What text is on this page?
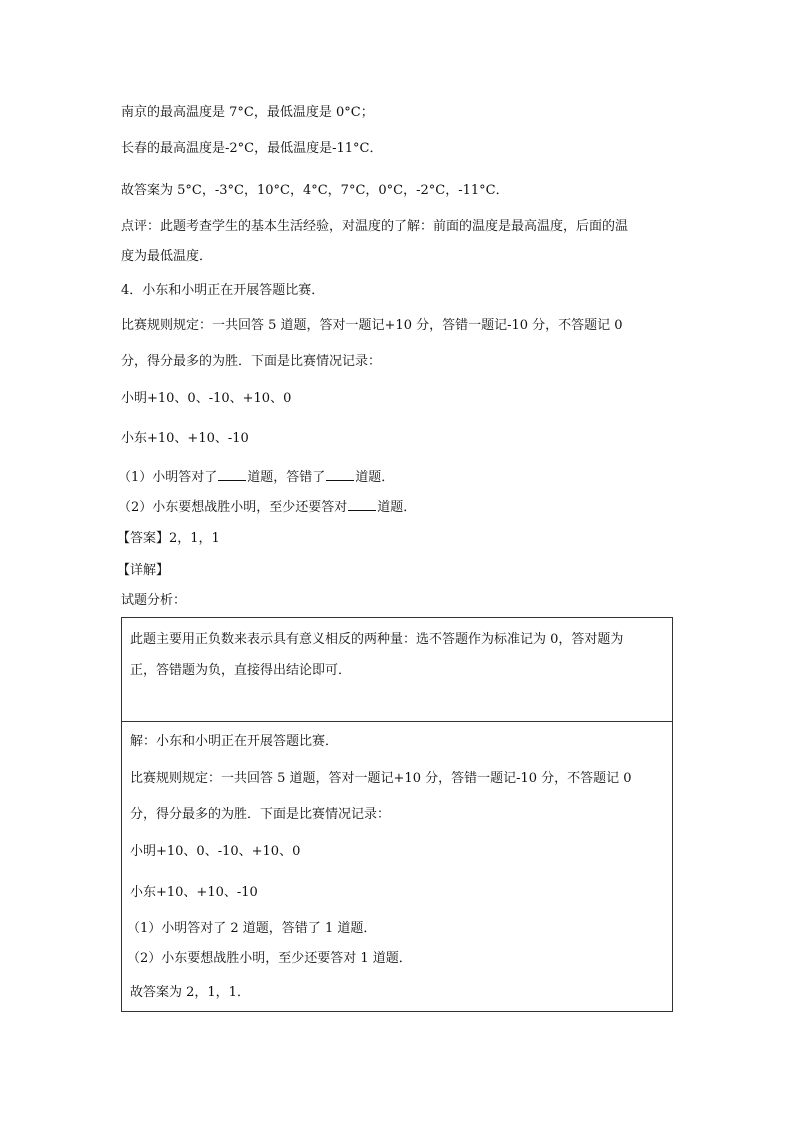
南京的最高温度是 7°C，最低温度是 0°C；
长春的最高温度是-2°C，最低温度是-11°C．
故答案为 5°C，-3°C，10°C，4°C，7°C，0°C，-2°C，-11°C．
点评：此题考查学生的基本生活经验，对温度的了解：前面的温度是最高温度，后面的温
度为最低温度．
4．小东和小明正在开展答题比赛．
比赛规则规定：一共回答 5 道题，答对一题记+10 分，答错一题记-10 分，不答题记 0
分，得分最多的为胜．下面是比赛情况记录：
小明+10、0、-10、+10、0
小东+10、+10、-10
（1）小明答对了 道题，答错了 道题．
（2）小东要想战胜小明，至少还要答对 道题．
【答案】2，1，1
【详解】
试题分析：
此题主要用正负数来表示具有意义相反的两种量：选不答题作为标准记为 0，答对题为
正，答错题为负，直接得出结论即可．
解：小东和小明正在开展答题比赛．
比赛规则规定：一共回答 5 道题，答对一题记+10 分，答错一题记-10 分，不答题记 0
分，得分最多的为胜．下面是比赛情况记录：
小明+10、0、-10、+10、0
小东+10、+10、-10
（1）小明答对了 2 道题，答错了 1 道题．
（2）小东要想战胜小明，至少还要答对 1 道题．
故答案为 2，1，1．
